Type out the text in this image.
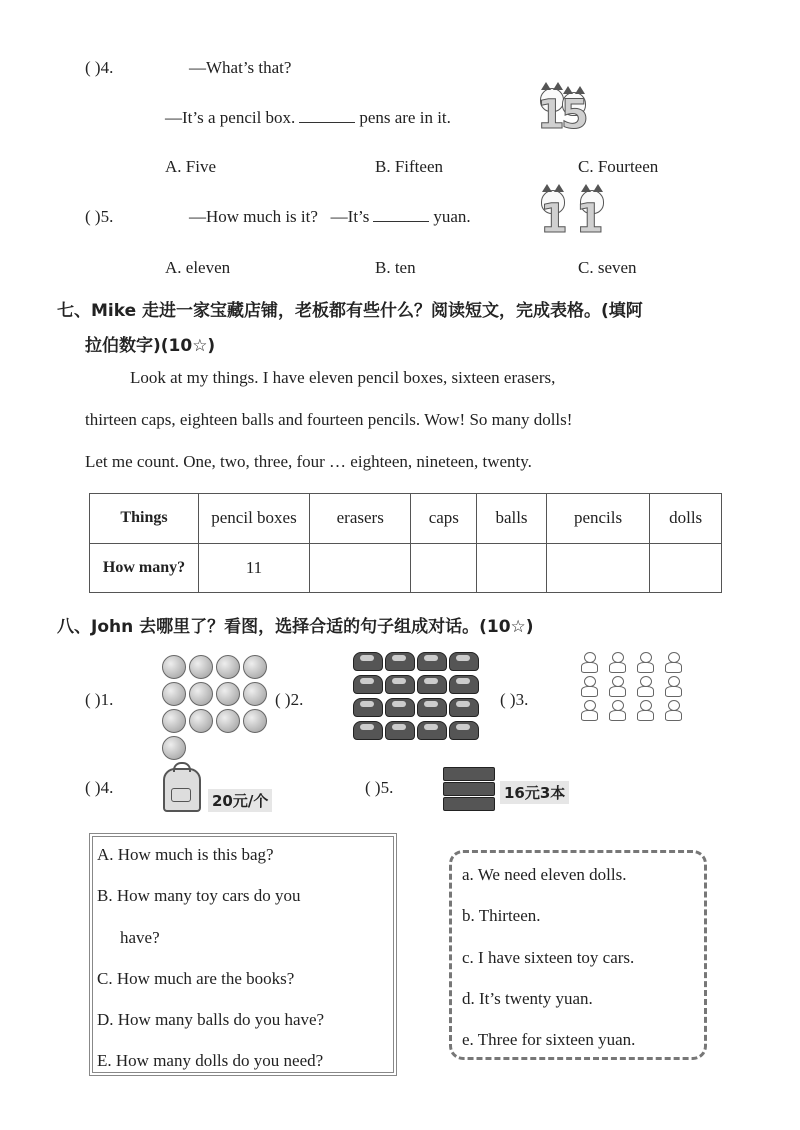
( )4.	—What’s that?
—It’s a pencil box.	pens are in it. 15
A. Five	B. Fifteen	C. Fourteen
( )5.	—How much is it? —It’s	yuan. 11
A. eleven	B. ten	C. seven
七、Mike 走进一家宝藏店铺，老板都有些什么？阅读短文，完成表格。(填阿
拉伯数字)(10☆)
Look at my things. I have eleven pencil boxes, sixteen erasers,
thirteen caps, eighteen balls and fourteen pencils. Wow! So many dolls!
Let me count. One, two, three, four … eighteen, nineteen, twenty.
Things	pencil boxes	erasers	caps	balls	pencils	dolls
How many?	11					
八、John 去哪里了？看图，选择合适的句子组成对话。(10☆)
( )1.	( )2.	( )3.
( )4.
20元/个
( )5.	16元3本
A. How much is this bag?
B. How many toy cars do you
have?
C. How much are the books?
D. How many balls do you have?
E. How many dolls do you need?
a. We need eleven dolls.
b. Thirteen.
c. I have sixteen toy cars.
d. It’s twenty yuan.
e. Three for sixteen yuan.
